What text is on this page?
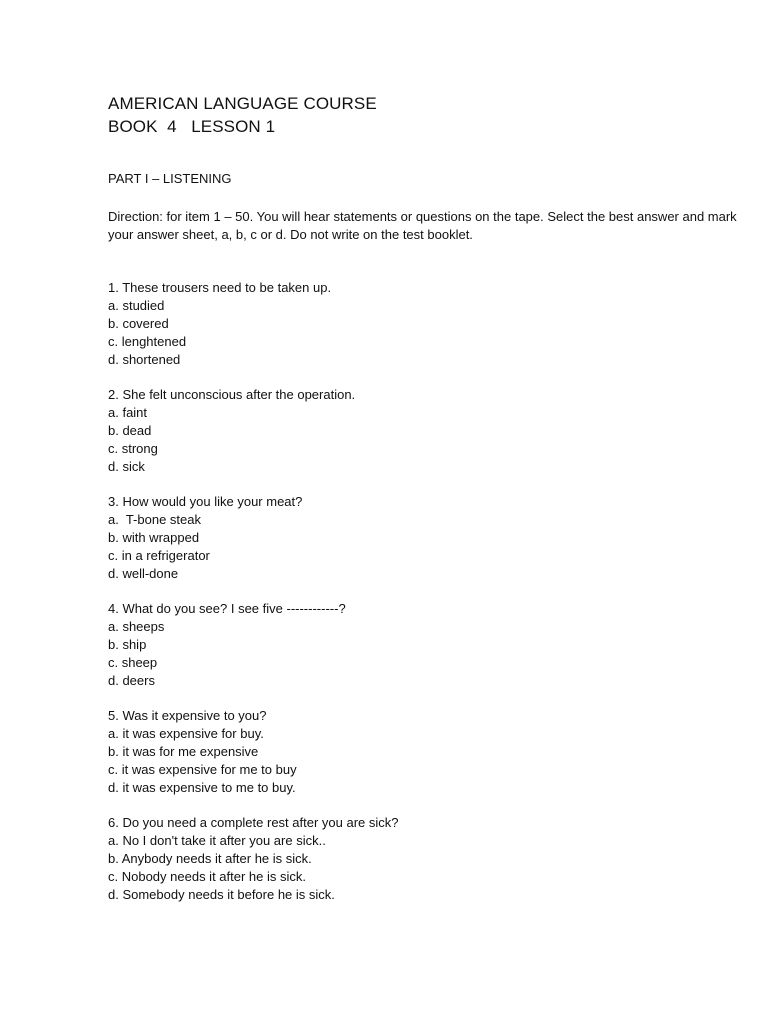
AMERICAN LANGUAGE COURSE
BOOK  4   LESSON 1
PART I – LISTENING
Direction: for item 1 – 50. You will hear statements or questions on the tape. Select the best answer and mark your answer sheet, a, b, c or d. Do not write on the test booklet.
1. These trousers need to be taken up.
a. studied
b. covered
c. lenghtened
d. shortened
2. She felt unconscious after the operation.
a. faint
b. dead
c. strong
d. sick
3. How would you like your meat?
a.  T-bone steak
b. with wrapped
c. in a refrigerator
d. well-done
4. What do you see? I see five ------------?
a. sheeps
b. ship
c. sheep
d. deers
5. Was it expensive to you?
a. it was expensive for buy.
b. it was for me expensive
c. it was expensive for me to buy
d. it was expensive to me to buy.
6. Do you need a complete rest after you are sick?
a. No I don't take it after you are sick..
b. Anybody needs it after he is sick.
c. Nobody needs it after he is sick.
d. Somebody needs it before he is sick.
